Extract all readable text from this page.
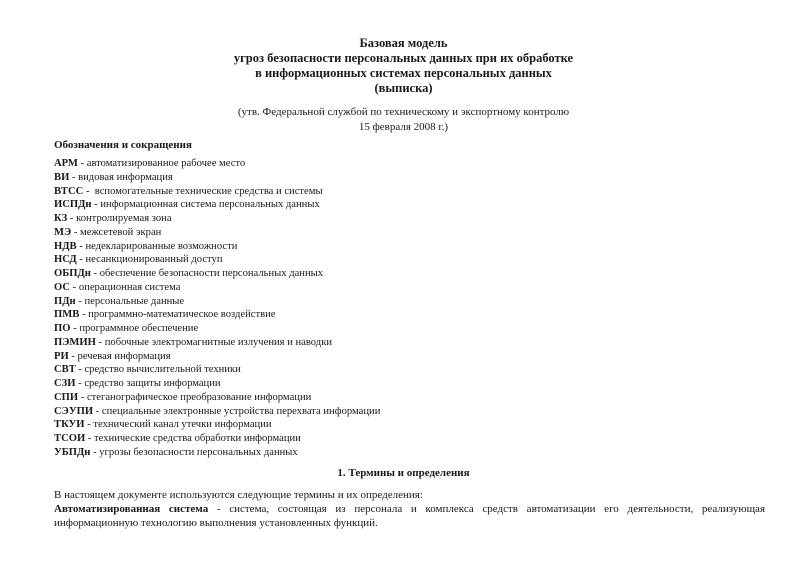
Базовая модель
угроз безопасности персональных данных при их обработке
в информационных системах персональных данных
(выписка)
(утв. Федеральной службой по техническому и экспортному контролю
15 февраля 2008 г.)
Обозначения и сокращения
АРМ - автоматизированное рабочее место
ВИ - видовая информация
ВТСС -  вспомогательные технические средства и системы
ИСПДн - информационная система персональных данных
КЗ - контролируемая зона
МЭ - межсетевой экран
НДВ - недекларированные возможности
НСД - несанкционированный доступ
ОБПДн - обеспечение безопасности персональных данных
ОС - операционная система
ПДн - персональные данные
ПМВ - программно-математическое воздействие
ПО - программное обеспечение
ПЭМИН - побочные электромагнитные излучения и наводки
РИ - речевая информация
СВТ - средство вычислительной техники
СЗИ - средство защиты информации
СПИ - стеганографическое преобразование информации
СЭУПИ - специальные электронные устройства перехвата информации
ТКУИ - технический канал утечки информации
ТСОИ - технические средства обработки информации
УБПДн - угрозы безопасности персональных данных
1. Термины и определения
В настоящем документе используются следующие термины и их определения:
Автоматизированная система - система, состоящая из персонала и комплекса средств автоматизации его деятельности, реализующая информационную технологию выполнения установленных функций.
